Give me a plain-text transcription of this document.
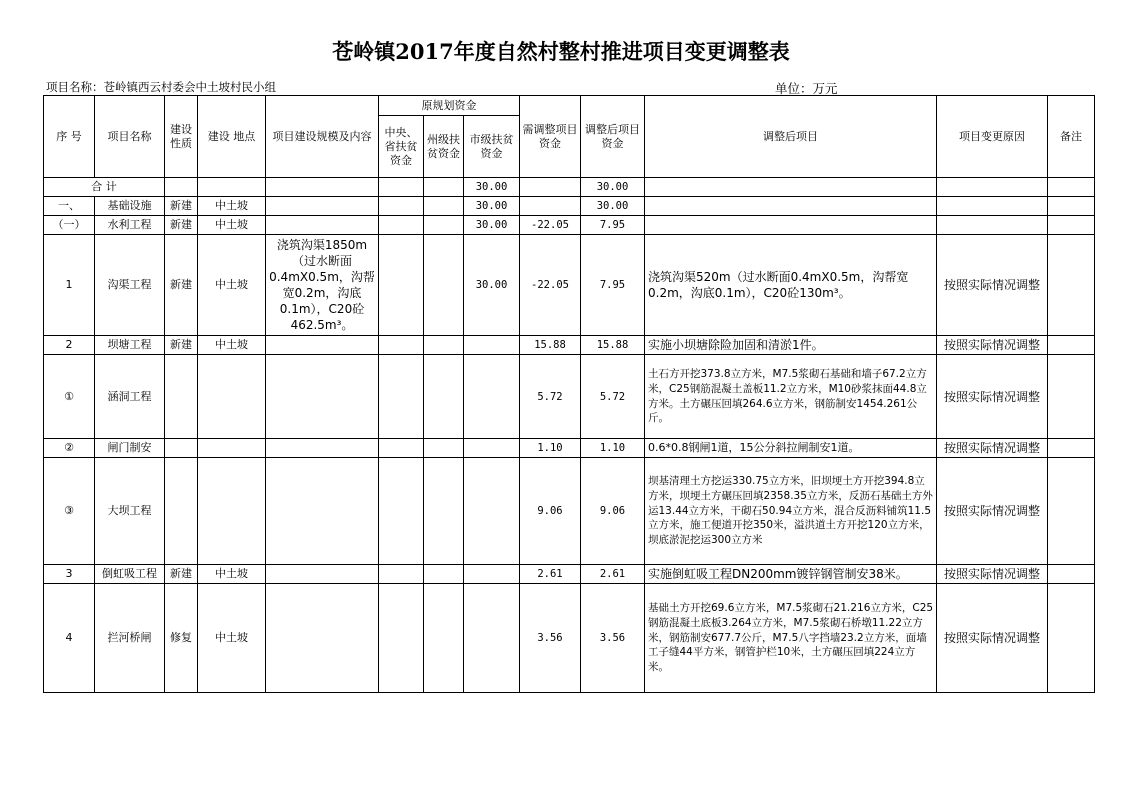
苍岭镇2017年度自然村整村推进项目变更调整表
项目名称：苍岭镇西云村委会中土坡村民小组	单位：万元
序 号	项目名称	建设性质	建设 地点	项目建设规模及内容	原规划资金			需调整项目资金	调整后项目资金	调整后项目	项目变更原因	备注
					中央、省扶贫资金	州级扶贫资金	市级扶贫资金					
合 计							30.00		30.00			
一、	基础设施	新建	中土坡				30.00		30.00			
（一）	水利工程	新建	中土坡				30.00	-22.05	7.95			
1	沟渠工程	新建	中土坡	浇筑沟渠1850m（过水断面0.4mX0.5m，沟帮宽0.2m，沟底0.1m），C20砼462.5m³。			30.00	-22.05	7.95	浇筑沟渠520m（过水断面0.4mX0.5m，沟帮宽0.2m，沟底0.1m），C20砼130m³。	按照实际情况调整	
2	坝塘工程	新建	中土坡					15.88	15.88	实施小坝塘除险加固和清淤1件。	按照实际情况调整	
①	涵洞工程							5.72	5.72	土石方开挖373.8立方米，M7.5浆砌石基础和墙子67.2立方米，C25钢筋混凝土盖板11.2立方米，M10砂浆抹面44.8立方米。土方碾压回填264.6立方米，钢筋制安1454.261公斤。	按照实际情况调整	
②	闸门制安							1.10	1.10	0.6*0.8钢闸1道，15公分斜拉闸制安1道。	按照实际情况调整	
③	大坝工程							9.06	9.06	坝基清理土方挖运330.75立方米，旧坝埂土方开挖394.8立方米，坝埂土方碾压回填2358.35立方米，反沥石基础土方外运13.44立方米，干砌石50.94立方米，混合反沥料铺筑11.5立方米，施工便道开挖350米，溢洪道土方开挖120立方米，坝底淤泥挖运300立方米	按照实际情况调整	
3	倒虹吸工程	新建	中土坡					2.61	2.61	实施倒虹吸工程DN200mm镀锌钢管制安38米。	按照实际情况调整	
4	拦河桥闸	修复	中土坡					3.56	3.56	基础土方开挖69.6立方米，M7.5浆砌石21.216立方米，C25钢筋混凝土底板3.264立方米，M7.5浆砌石桥墩11.22立方米，钢筋制安677.7公斤，M7.5八字挡墙23.2立方米，面墙工子缝44平方米，钢管护栏10米，土方碾压回填224立方米。	按照实际情况调整	
